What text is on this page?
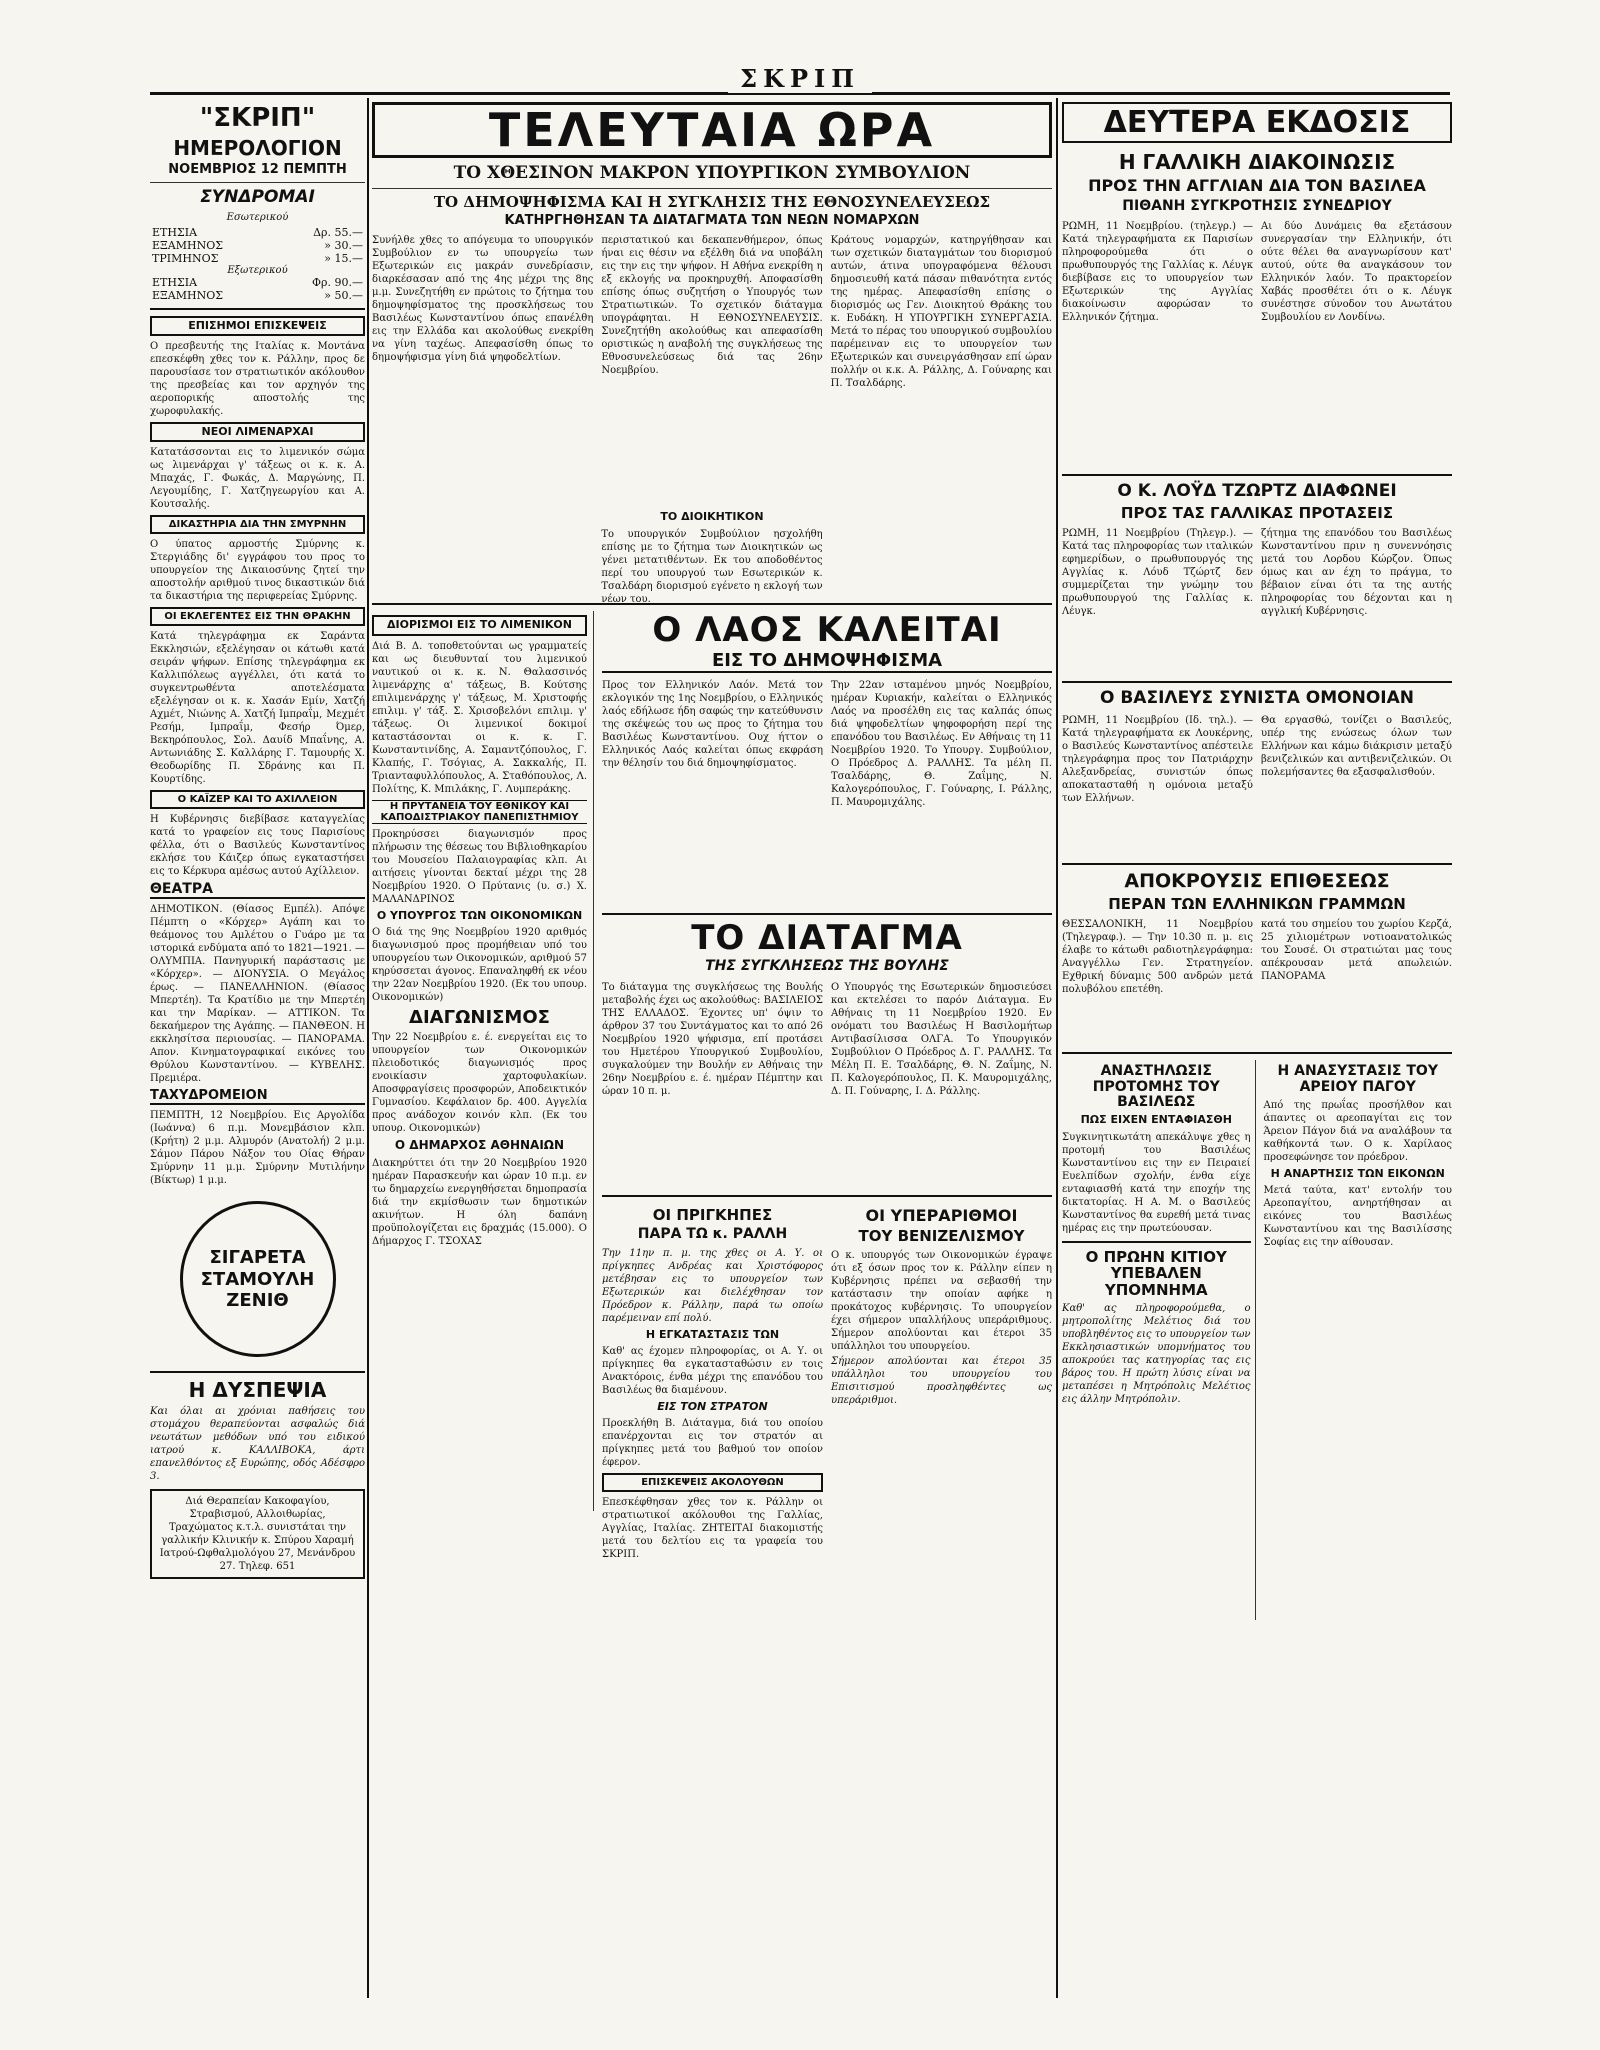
ΣΚΡΙΠ
"ΣΚΡΙΠ"
ΗΜΕΡΟΛΟΓΙΟΝ
ΝΟΕΜΒΡΙΟΣ 12 ΠΕΜΠΤΗ
ΣΥΝΔΡΟΜΑΙ
Εσωτερικού
ΕΤΗΣΙΑ	Δρ. 55.—
ΕΞΑΜΗΝΟΣ	» 30.—
ΤΡΙΜΗΝΟΣ	» 15.—
Εξωτερικού	
ΕΤΗΣΙΑ	Φρ. 90.—
ΕΞΑΜΗΝΟΣ	» 50.—
ΕΠΙΣΗΜΟΙ ΕΠΙΣΚΕΨΕΙΣ

Ο πρεσβευτής της Ιταλίας κ. Μοντάνα επεσκέφθη χθες τον κ. Ράλλην, προς δε παρουσίασε τον στρατιωτικόν ακόλουθον της πρεσβείας και τον αρχηγόν της αεροπορικής αποστολής της χωροφυλακής.

ΝΕΟΙ ΛΙΜΕΝΑΡΧΑΙ

Κατατάσσονται εις το λιμενικόν σώμα ως λιμενάρχαι γ' τάξεως οι κ. κ. Α. Μπαχάς, Γ. Φωκάς, Δ. Μαργώνης, Π. Λεγουμίδης, Γ. Χατζηγεωργίου και Α. Κουτσαλής.

ΔΙΚΑΣΤΗΡΙΑ ΔΙΑ ΤΗΝ ΣΜΥΡΝΗΝ

Ο ύπατος αρμοστής Σμύρνης κ. Στεργιάδης δι' εγγράφου του προς το υπουργείον της Δικαιοσύνης ζητεί την αποστολήν αριθμού τινος δικαστικών διά τα δικαστήρια της περιφερείας Σμύρνης.

ΟΙ ΕΚΛΕΓΕΝΤΕΣ ΕΙΣ ΤΗΝ ΘΡΑΚΗΝ

Κατά τηλεγράφημα εκ Σαράντα Εκκλησιών, εξελέγησαν οι κάτωθι κατά σειράν ψήφων. Επίσης τηλεγράφημα εκ Καλλιπόλεως αγγέλλει, ότι κατά το συγκεντρωθέντα αποτελέσματα εξελέγησαν οι κ. κ. Χασάν Εμίν, Χατζή Αχμέτ, Νιώνης Α. Χατζή Ιμπραΐμ, Μεχμέτ Ρεσήμ, Ιμπραΐμ, Φεσήρ Όμερ, Βεκηρόπουλος, Σολ. Δαυίδ Μπαΐνης, Α. Αντωνιάδης Σ. Καλλάρης Γ. Ταμουρής Χ. Θεοδωρίδης Π. Σδράνης και Π. Κουρτίδης.

Ο ΚΑΪΖΕΡ ΚΑΙ ΤΟ ΑΧΙΛΛΕΙΟΝ

Η Κυβέρνησις διεβίβασε καταγγελίας κατά το γραφείον εις τους Παρισίους φέλλα, ότι ο Βασιλεύς Κωνσταντίνος εκλήσε του Κάιζερ όπως εγκαταστήσει εις το Κέρκυρα αμέσως αυτού Αχίλλειον.

ΘΕΑΤΡΑ

ΔΗΜΟΤΙΚΟΝ. (Θίασος Εμπέλ). Απόψε Πέμπτη ο «Κόρχερ» Αγάπη και το θεάμονος του Αμλέτου ο Γυάρο με τα ιστορικά ενδύματα από το 1821—1921. — ΟΛΥΜΠΙΑ. Πανηγυρική παράστασις με «Κόρχερ». — ΔΙΟΝΥΣΙΑ. Ο Μεγάλος έρως. — ΠΑΝΕΛΛΗΝΙΟΝ. (Θίασος Μπερτέη). Τα Κρατίδιο με την Μπερτέη και την Μαρίκαν. — ΑΤΤΙΚΟΝ. Τα δεκαήμερον της Αγάπης. — ΠΑΝΘΕΟΝ. Η εκκλησίτσα περιουσίας. — ΠΑΝΟΡΑΜΑ. Απον. Κινηματογραφικαί εικόνες του Θρύλου Κωνσταντίνου. — ΚΥΒΕΛΗΣ. Πρεμιέρα.

ΤΑΧΥΔΡΟΜΕΙΟΝ

ΠΕΜΠΤΗ, 12 Νοεμβρίου. Εις Αργολίδα (Ιωάννα) 6 π.μ. Μονεμβάσιον κλπ. (Κρήτη) 2 μ.μ. Αλμυρόν (Ανατολή) 2 μ.μ. Σάμον Πάρου Νάξον του Οίας Θήραν Σμύρνην 11 μ.μ. Σμύρνην Μυτιλήνην (Βίκτωρ) 1 μ.μ.

ΣΙΓΑΡΕΤΑ ΣΤΑΜΟΥΛΗ ΖΕΝΙΘ
Η ΔΥΣΠΕΨΙΑ

Και όλαι αι χρόνιαι παθήσεις του στομάχου θεραπεύονται ασφαλώς διά νεωτάτων μεθόδων υπό του ειδικού ιατρού κ. ΚΑΛΛΙΒΟΚΑ, άρτι επανελθόντος εξ Ευρώπης, οδός Αδέσφρο 3.

Διά Θεραπείαν Κακοφαγίου, Στραβισμού, Αλλοιθωρίας, Τραχώματος κ.τ.λ. συνιστάται την γαλλικήν Κλινικήν κ. Σπύρου Χαραμή Ιατρού-Ωφθαλμολόγου 27, Μενάνδρου 27. Τηλεφ. 651
ΤΕΛΕΥΤΑΙΑ ΩΡΑ
ΤΟ ΧΘΕΣΙΝΟΝ ΜΑΚΡΟΝ ΥΠΟΥΡΓΙΚΟΝ ΣΥΜΒΟΥΛΙΟΝ
ΤΟ ΔΗΜΟΨΗΦΙΣΜΑ ΚΑΙ Η ΣΥΓΚΛΗΣΙΣ ΤΗΣ ΕΘΝΟΣΥΝΕΛΕΥΣΕΩΣ
ΚΑΤΗΡΓΗΘΗΣΑΝ ΤΑ ΔΙΑΤΑΓΜΑΤΑ ΤΩΝ ΝΕΩΝ ΝΟΜΑΡΧΩΝ

Συνήλθε χθες το απόγευμα το υπουργικόν Συμβούλιον εν τω υπουργείω των Εξωτερικών εις μακράν συνεδρίασιν, διαρκέσασαν από της 4ης μέχρι της 8ης μ.μ. Συνεζητήθη εν πρώτοις το ζήτημα του δημοψηφίσματος της προσκλήσεως του Βασιλέως Κωνσταντίνου όπως επανέλθη εις την Ελλάδα και ακολούθως ενεκρίθη να γίνη ταχέως. Απεφασίσθη όπως το δημοψήφισμα γίνη διά ψηφοδελτίων.

περιστατικού και δεκαπενθήμερον, όπως ήναι εις θέσιν να εξέλθη διά να υποβάλη εις την εις την ψήφον. Η Αθήνα ενεκρίθη η εξ εκλογής να προκηρυχθή. Αποφασίσθη επίσης όπως συζητήση ο Υπουργός των Στρατιωτικών. Το σχετικόν διάταγμα υπογράφηται. Η ΕΘΝΟΣΥΝΕΛΕΥΣΙΣ. Συνεζητήθη ακολούθως και απεφασίσθη οριστικώς η αναβολή της συγκλήσεως της Εθνοσυνελεύσεως διά τας 26ην Νοεμβρίου.

Κράτους νομαρχών, κατηργήθησαν και των σχετικών διαταγμάτων του διορισμού αυτών, άτινα υπογραφόμενα θέλουσι δημοσιευθή κατά πάσαν πιθανότητα εντός της ημέρας. Απεφασίσθη επίσης ο διορισμός ως Γεν. Διοικητού Θράκης του κ. Ευδάκη. Η ΥΠΟΥΡΓΙΚΗ ΣΥΝΕΡΓΑΣΙΑ. Μετά το πέρας του υπουργικού συμβουλίου παρέμειναν εις το υπουργείον των Εξωτερικών και συνειργάσθησαν επί ώραν πολλήν οι κ.κ. Α. Ράλλης, Δ. Γούναρης και Π. Τσαλδάρης.

ΤΟ ΔΙΟΙΚΗΤΙΚΟΝ

Το υπουργικόν Συμβούλιον ησχολήθη επίσης με το ζήτημα των Διοικητικών ως γένει μετατιθέντων. Εκ του αποδοθέντος περί του υπουργού των Εσωτερικών κ. Τσαλδάρη διορισμού εγένετο η εκλογή των νέων του.

ΔΙΟΡΙΣΜΟΙ ΕΙΣ ΤΟ ΛΙΜΕΝΙΚΟΝ

Διά Β. Δ. τοποθετούνται ως γραμματείς και ως διευθυνταί του λιμενικού ναυτικού οι κ. κ. Ν. Θαλασσινός λιμενάρχης α' τάξεως, Β. Κούτσης επιλιμενάρχης γ' τάξεως, Μ. Χριστοφής επιλιμ. γ' τάξ. Σ. Χρισοβελόνι επιλιμ. γ' τάξεως. Οι λιμενικοί δοκιμοί καταστάσονται οι κ. κ. Γ. Κωνσταντινίδης, Α. Σαμαντζόπουλος, Γ. Κλαπής, Γ. Τσόγιας, Α. Σακκαλής, Π. Τριανταφυλλόπουλος, Α. Σταθόπουλος, Λ. Πολίτης, Κ. Μπιλάκης, Γ. Λυμπεράκης.

Η ΠΡΥΤΑΝΕΙΑ ΤΟΥ ΕΘΝΙΚΟΥ ΚΑΙ ΚΑΠΟΔΙΣΤΡΙΑΚΟΥ ΠΑΝΕΠΙΣΤΗΜΙΟΥ

Προκηρύσσει διαγωνισμόν προς πλήρωσιν της θέσεως του Βιβλιοθηκαρίου του Μουσείου Παλαιογραφίας κλπ. Αι αιτήσεις γίνονται δεκταί μέχρι της 28 Νοεμβρίου 1920. Ο Πρύτανις (υ. σ.) Χ. ΜΑΛΑΝΔΡΙΝΟΣ

Ο ΥΠΟΥΡΓΟΣ ΤΩΝ ΟΙΚΟΝΟΜΙΚΩΝ

Ο διά της 9ης Νοεμβρίου 1920 αριθμός διαγωνισμού προς προμήθειαν υπό του υπουργείου των Οικονομικών, αριθμού 57 κηρύσσεται άγονος. Επαναληφθή εκ νέου την 22αν Νοεμβρίου 1920. (Εκ του υπουρ. Οικονομικών)

ΔΙΑΓΩΝΙΣΜΟΣ

Την 22 Νοεμβρίου ε. έ. ενεργείται εις το υπουργείον των Οικονομικών πλειοδοτικός διαγωνισμός προς ενοικίασιν χαρτοφυλακίων. Αποσφραγίσεις προσφορών, Αποδεικτικόν Γυμνασίου. Κεφάλαιον δρ. 400. Αγγελία προς ανάδοχον κοινόν κλπ. (Εκ του υπουρ. Οικονομικών)

Ο ΔΗΜΑΡΧΟΣ ΑΘΗΝΑΙΩΝ

Διακηρύττει ότι την 20 Νοεμβρίου 1920 ημέραν Παρασκευήν και ώραν 10 π.μ. εν τω δημαρχείω ενεργηθήσεται δημοπρασία διά την εκμίσθωσιν των δημοτικών ακινήτων. Η όλη δαπάνη προϋπολογίζεται εις δραχμάς (15.000). Ο Δήμαρχος Γ. ΤΣΟΧΑΣ

Ο ΛΑΟΣ ΚΑΛΕΙΤΑΙ
ΕΙΣ ΤΟ ΔΗΜΟΨΗΦΙΣΜΑ

Προς τον Ελληνικόν Λαόν. Μετά τον εκλογικόν της 1ης Νοεμβρίου, ο Ελληνικός λαός εδήλωσε ήδη σαφώς την κατεύθυνσιν της σκέψεώς του ως προς το ζήτημα του Βασιλέως Κωνσταντίνου. Ουχ ήττον ο Ελληνικός Λαός καλείται όπως εκφράση την θέλησίν του διά δημοψηφίσματος.

Την 22αν ισταμένου μηνός Νοεμβρίου, ημέραν Κυριακήν, καλείται ο Ελληνικός Λαός να προσέλθη εις τας καλπάς όπως διά ψηφοδελτίων ψηφοφορήση περί της επανόδου του Βασιλέως. Εν Αθήναις τη 11 Νοεμβρίου 1920. Το Υπουργ. Συμβούλιον, Ο Πρόεδρος Δ. ΡΑΛΛΗΣ. Τα μέλη Π. Τσαλδάρης, Θ. Ζαΐμης, Ν. Καλογερόπουλος, Γ. Γούναρης, Ι. Ράλλης, Π. Μαυρομιχάλης.

ΤΟ ΔΙΑΤΑΓΜΑ
ΤΗΣ ΣΥΓΚΛΗΣΕΩΣ ΤΗΣ ΒΟΥΛΗΣ

Το διάταγμα της συγκλήσεως της Βουλής μεταβολής έχει ως ακολούθως: ΒΑΣΙΛΕΙΟΣ ΤΗΣ ΕΛΛΑΔΟΣ. Έχοντες υπ' όψιν το άρθρον 37 του Συντάγματος και το από 26 Νοεμβρίου 1920 ψήφισμα, επί προτάσει του Ημετέρου Υπουργικού Συμβουλίου, συγκαλούμεν την Βουλήν εν Αθήναις την 26ην Νοεμβρίου ε. έ. ημέραν Πέμπτην και ώραν 10 π. μ.

Ο Υπουργός της Εσωτερικών δημοσιεύσει και εκτελέσει το παρόν Διάταγμα. Εν Αθήναις τη 11 Νοεμβρίου 1920. Εν ονόματι του Βασιλέως Η Βασιλομήτωρ Αντιβασίλισσα ΟΛΓΑ. Το Υπουργικόν Συμβούλιον Ο Πρόεδρος Δ. Γ. ΡΑΛΛΗΣ. Τα Μέλη Π. Ε. Τσαλδάρης, Θ. Ν. Ζαΐμης, Ν. Π. Καλογερόπουλος, Π. Κ. Μαυρομιχάλης, Δ. Π. Γούναρης, Ι. Δ. Ράλλης.

ΟΙ ΠΡΙΓΚΗΠΕΣ
ΠΑΡΑ ΤΩ κ. ΡΑΛΛΗ

Την 11ην π. μ. της χθες οι Α. Υ. οι πρίγκηπες Ανδρέας και Χριστόφορος μετέβησαν εις το υπουργείον των Εξωτερικών και διελέχθησαν τον Πρόεδρον κ. Ράλλην, παρά τω οποίω παρέμειναν επί πολύ.

Η ΕΓΚΑΤΑΣΤΑΣΙΣ ΤΩΝ

Καθ' ας έχομεν πληροφορίας, οι Α. Υ. οι πρίγκηπες θα εγκατασταθώσιν εν τοις Ανακτόροις, ένθα μέχρι της επανόδου του Βασιλέως θα διαμένουν.

ΕΙΣ ΤΟΝ ΣΤΡΑΤΟΝ

Προεκλήθη Β. Διάταγμα, διά του οποίου επανέρχονται εις τον στρατόν αι πρίγκηπες μετά του βαθμού τον οποίον έφερον.

ΕΠΙΣΚΕΨΕΙΣ ΑΚΟΛΟΥΘΩΝ

Επεσκέφθησαν χθες τον κ. Ράλλην οι στρατιωτικοί ακόλουθοι της Γαλλίας, Αγγλίας, Ιταλίας. ΖΗΤΕΙΤΑΙ διακομιστής μετά του δελτίου εις τα γραφεία του ΣΚΡΙΠ.

ΟΙ ΥΠΕΡΑΡΙΘΜΟΙ
ΤΟΥ ΒΕΝΙΖΕΛΙΣΜΟΥ

Ο κ. υπουργός των Οικονομικών έγραψε ότι εξ όσων προς τον κ. Ράλλην είπεν η Κυβέρνησις πρέπει να σεβασθή την κατάστασιν την οποίαν αφήκε η προκάτοχος κυβέρνησις. Το υπουργείον έχει σήμερον υπαλλήλους υπεράριθμους. Σήμερον απολύονται και έτεροι 35 υπάλληλοι του υπουργείου.

Σήμερον απολύονται και έτεροι 35 υπάλληλοι του υπουργείου του Επισιτισμού προσληφθέντες ως υπεράριθμοι.

ΔΕΥΤΕΡΑ ΕΚΔΟΣΙΣ
Η ΓΑΛΛΙΚΗ ΔΙΑΚΟΙΝΩΣΙΣ
ΠΡΟΣ ΤΗΝ ΑΓΓΛΙΑΝ ΔΙΑ ΤΟΝ ΒΑΣΙΛΕΑ
ΠΙΘΑΝΗ ΣΥΓΚΡΟΤΗΣΙΣ ΣΥΝΕΔΡΙΟΥ

ΡΩΜΗ, 11 Νοεμβρίου. (τηλεγρ.) — Κατά τηλεγραφήματα εκ Παρισίων πληροφορούμεθα ότι ο πρωθυπουργός της Γαλλίας κ. Λέυγκ διεβίβασε εις το υπουργείον των Εξωτερικών της Αγγλίας διακοίνωσιν αφορώσαν το Ελληνικόν ζήτημα.

Αι δύο Δυνάμεις θα εξετάσουν συνεργασίαν την Ελληνικήν, ότι ούτε θέλει θα αναγνωρίσουν κατ' αυτού, ούτε θα αναγκάσουν τον Ελληνικόν λαόν. Το πρακτορείον Χαβάς προσθέτει ότι ο κ. Λέυγκ συνέστησε σύνοδον του Ανωτάτου Συμβουλίου εν Λονδίνω.

Ο Κ. ΛΟΫΔ ΤΖΩΡΤΖ ΔΙΑΦΩΝΕΙ
ΠΡΟΣ ΤΑΣ ΓΑΛΛΙΚΑΣ ΠΡΟΤΑΣΕΙΣ

ΡΩΜΗ, 11 Νοεμβρίου (Τηλεγρ.). — Κατά τας πληροφορίας των ιταλικών εφημερίδων, ο πρωθυπουργός της Αγγλίας κ. Λόυδ Τζώρτζ δεν συμμερίζεται την γνώμην του πρωθυπουργού της Γαλλίας κ. Λέυγκ.

ζήτημα της επανόδου του Βασιλέως Κωνσταντίνου πριν η συνεννόησις μετά του Λορδου Κώρζον. Όπως όμως και αν έχη το πράγμα, το βέβαιον είναι ότι τα της αυτής πληροφορίας του δέχονται και η αγγλική Κυβέρνησις.

Ο ΒΑΣΙΛΕΥΣ ΣΥΝΙΣΤΑ ΟΜΟΝΟΙΑΝ

ΡΩΜΗ, 11 Νοεμβρίου (Ιδ. τηλ.). — Κατά τηλεγραφήματα εκ Λουκέρνης, ο Βασιλεύς Κωνσταντίνος απέστειλε τηλεγράφημα προς τον Πατριάρχην Αλεξανδρείας, συνιστών όπως αποκατασταθή η ομόνοια μεταξύ των Ελλήνων.

Θα εργασθώ, τονίζει ο Βασιλεύς, υπέρ της ενώσεως όλων των Ελλήνων και κάμω διάκρισιν μεταξύ βενιζελικών και αντιβενιζελικών. Οι πολεμήσαντες θα εξασφαλισθούν.

ΑΠΟΚΡΟΥΣΙΣ ΕΠΙΘΕΣΕΩΣ
ΠΕΡΑΝ ΤΩΝ ΕΛΛΗΝΙΚΩΝ ΓΡΑΜΜΩΝ

ΘΕΣΣΑΛΟΝΙΚΗ, 11 Νοεμβρίου (Τηλεγραφ.). — Την 10.30 π. μ. εις έλαβε το κάτωθι ραδιοτηλεγράφημα: Αναγγέλλω Γεν. Στρατηγείον. Εχθρική δύναμις 500 ανδρών μετά πολυβόλου επετέθη.

κατά του σημείου του χωρίου Κερζά, 25 χιλιομέτρων νοτιοανατολικώς του Σουσέ. Οι στρατιώται μας τους απέκρουσαν μετά απωλειών. ΠΑΝΟΡΑΜΑ

ΑΝΑΣΤΗΛΩΣΙΣ ΠΡΟΤΟΜΗΣ ΤΟΥ ΒΑΣΙΛΕΩΣ
ΠΩΣ ΕΙΧΕΝ ΕΝΤΑΦΙΑΣΘΗ

Συγκινητικωτάτη απεκάλυψε χθες η προτομή του Βασιλέως Κωνσταντίνου εις την εν Πειραιεί Ευελπίδων σχολήν, ένθα είχε ενταφιασθή κατά την εποχήν της δικτατορίας. Η Α. Μ. ο Βασιλεύς Κωνσταντίνος θα ευρεθή μετά τινας ημέρας εις την πρωτεύουσαν.

Ο ΠΡΩΗΝ ΚΙΤΙΟΥ ΥΠΕΒΑΛΕΝ ΥΠΟΜΝΗΜΑ

Καθ' ας πληροφορούμεθα, ο μητροπολίτης Μελέτιος διά του υποβληθέντος εις το υπουργείον των Εκκλησιαστικών υπομνήματος του αποκρούει τας κατηγορίας τας εις βάρος του. Η πρώτη λύσις είναι να μεταπέσει η Μητρόπολις Μελέτιος εις άλλην Μητρόπολιν.

Η ΑΝΑΣΥΣΤΑΣΙΣ ΤΟΥ ΑΡΕΙΟΥ ΠΑΓΟΥ

Από της πρωΐας προσήλθον και άπαντες οι αρεοπαγίται εις τον Άρειον Πάγον διά να αναλάβουν τα καθήκοντά των. Ο κ. Χαρίλαος προσεφώνησε τον πρόεδρον.

Η ΑΝΑΡΤΗΣΙΣ ΤΩΝ ΕΙΚΟΝΩΝ

Μετά ταύτα, κατ' εντολήν του Αρεοπαγίτου, ανηρτήθησαν αι εικόνες του Βασιλέως Κωνσταντίνου και της Βασιλίσσης Σοφίας εις την αίθουσαν.
